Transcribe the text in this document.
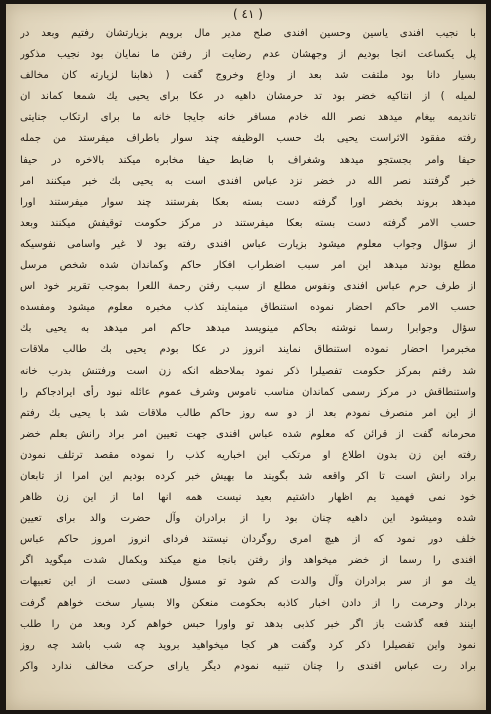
( ٤١ )
با نجیب افندی یاسین وحسین افندی صلح مدیر مال برویم بزیارتشان رفتیم وبعد در
پل یکساعت انجا بودیم از وجهشان عدم رضایت از رفتن ما نمایان بود نجیب مذکور
بسیار دانا بود ملتفت شد بعد از وداع وخروج گفت ( ذهابنا لزیارته کان مخالف
لمیله ) از انتاکیه خضر بود تد حرمشان داهیه در عکا برای یحیی یك شمعا کماند ان
تاندیمه بیغام میدهد نصر الله خادم مسافر خانه جایجا خانه ما برای ارتکاب جنایتی
رفته مفقود الاثراست یحیی بك حسب الوظیفه چند سوار باطراف میفرستد من جمله
حیفا وامر بجستجو میدهد وشغراف با ضابط حیفا مخابره میکند بالاخره در حیفا
خبر گرفتند نصر الله در خضر نزد عباس افندی است به یحیی بك خبر میکنند امر
میدهد بروند بخضر اورا گرفته دست بسته بعکا بفرستند چند سوار میفرستند اورا
حسب الامر گرفته دست بسته بعکا میفرستند در مرکز حکومت توقیفش میکنند وبعد
از سؤال وجواب معلوم میشود بزیارت عباس افندی رفته بود لا غیر واسامی نفوسیکه
مطلع بودند میدهد این امر سبب اضطراب افکار حاکم وکماندان شده شخص مرسل
از طرف حرم عباس افندی ونفوس مطلع از سبب رفتن رحمة اللعرا بموجب تقریر خود اس
حسب الامر حاکم احضار نموده استنطاق مینمایند کذب مخبره معلوم میشود ومفسده
سؤال وجوابرا رسما نوشته بحاکم مینویسد میدهد حاکم امر میدهد به یحیی بك
مخبرمرا احضار نموده استنطاق نمایند انروز در عکا بودم یحیی بك طالب ملاقات
شد رفتم بمرکز حکومت تفصیلرا ذکر نمود بملاحظه انکه زن است ورفتنش بدرب خانه
واستنطاقش در مرکز رسمی کماندان مناسب ناموس وشرف عموم عائله نبود رأی ایرادجاکم را
از این امر منصرف نمودم بعد از دو سه روز حاکم طالب ملاقات شد با یحیی بك رفتم
محرمانه گفت از قرائن که معلوم شده عباس افندی جهت تعیین امر براد رانش بعلم خضر
رفته این زن بدون اطلاع او مرتکب این اخباریه کذب را نموده مقصد ترتلف نمودن
براد رانش است تا اکر واقعه شد بگویند ما بهیش خبر کرده بودیم این امرا از تابعان
خود نمی فهمید یم اظهار داشتیم بعید نیست همه انها اما از این زن ظاهر
شده ومیشود این داهیه چنان بود را از برادران وآل حضرت والد برای تعیین
خلف دور نمود که از هیچ امری روگردان نیستند فردای انروز امروز حاکم عباس
افندی را رسما از خضر میخواهد واز رفتن بانجا منع میکند وبکمال شدت میگوید اگر
یك مو از سر برادران وآل والدت کم شود تو مسؤل هستی دست از این تعبیهات
بردار وحرمت را از دادن اخبار کاذبه بحکومت منعکن والا بسیار سخت خواهم گرفت
اینند فعه گذشت باز اگر خبر کذبی بدهد تو واورا حبس خواهم کرد وبعد من را طلب
نمود واین تفصیلرا ذکر کرد وگفت هر کجا میخواهید بروید چه شب باشد چه روز
براد رت عباس افندی را چنان تنبیه نمودم دیگر یارای حرکت مخالف ندارد واکر
